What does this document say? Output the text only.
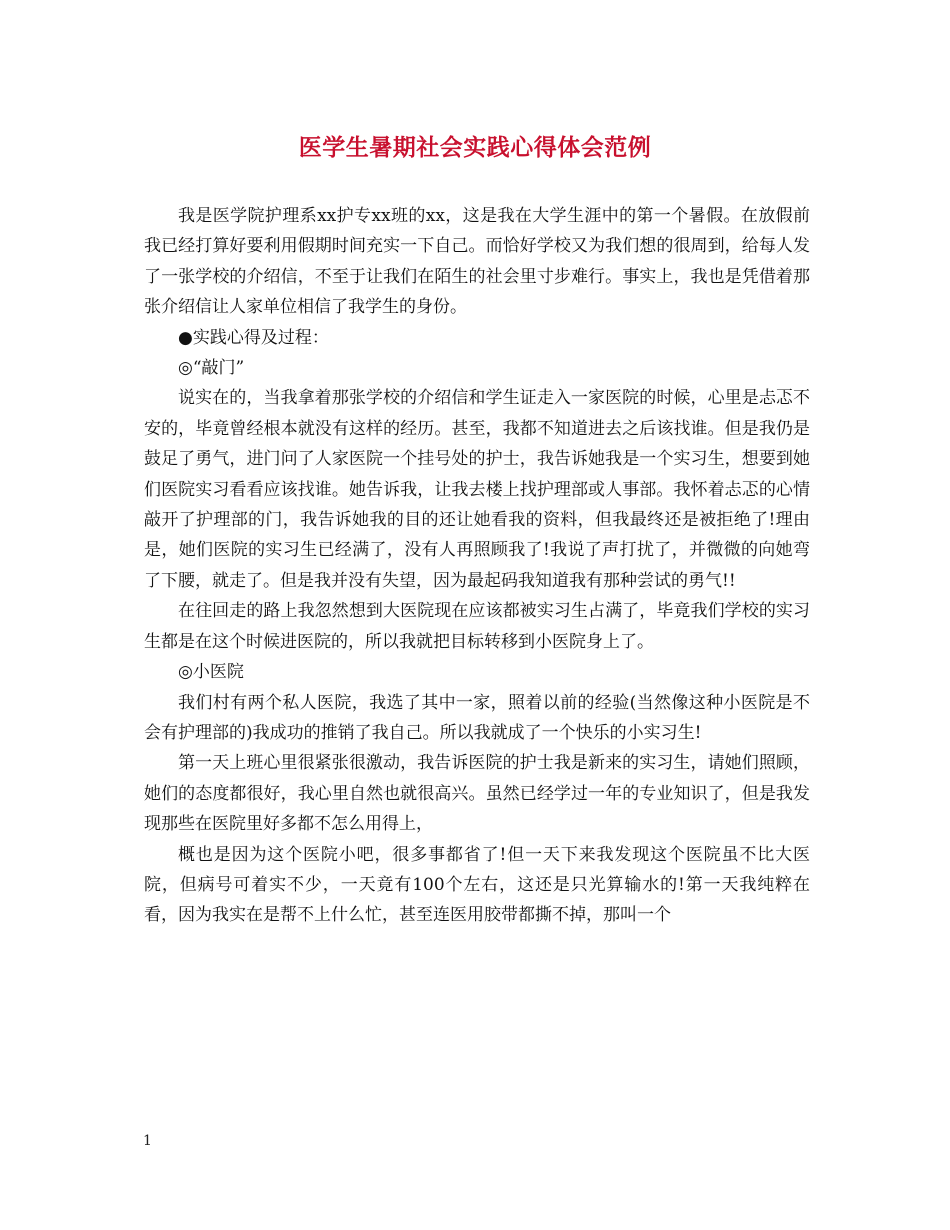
医学生暑期社会实践心得体会范例

我是医学院护理系xx护专xx班的xx，这是我在大学生涯中的第一个暑假。在放假前我已经打算好要利用假期时间充实一下自己。而恰好学校又为我们想的很周到，给每人发了一张学校的介绍信，不至于让我们在陌生的社会里寸步难行。事实上，我也是凭借着那张介绍信让人家单位相信了我学生的身份。

●实践心得及过程：

◎“敲门”

说实在的，当我拿着那张学校的介绍信和学生证走入一家医院的时候，心里是忐忑不安的，毕竟曾经根本就没有这样的经历。甚至，我都不知道进去之后该找谁。但是我仍是鼓足了勇气，进门问了人家医院一个挂号处的护士，我告诉她我是一个实习生，想要到她们医院实习看看应该找谁。她告诉我，让我去楼上找护理部或人事部。我怀着忐忑的心情敲开了护理部的门，我告诉她我的目的还让她看我的资料，但我最终还是被拒绝了!理由是，她们医院的实习生已经满了，没有人再照顾我了!我说了声打扰了，并微微的向她弯了下腰，就走了。但是我并没有失望，因为最起码我知道我有那种尝试的勇气!!

在往回走的路上我忽然想到大医院现在应该都被实习生占满了，毕竟我们学校的实习生都是在这个时候进医院的，所以我就把目标转移到小医院身上了。

◎小医院

我们村有两个私人医院，我选了其中一家，照着以前的经验(当然像这种小医院是不会有护理部的)我成功的推销了我自己。所以我就成了一个快乐的小实习生!

第一天上班心里很紧张很激动，我告诉医院的护士我是新来的实习生，请她们照顾，她们的态度都很好，我心里自然也就很高兴。虽然已经学过一年的专业知识了，但是我发现那些在医院里好多都不怎么用得上，

概也是因为这个医院小吧，很多事都省了!但一天下来我发现这个医院虽不比大医院，但病号可着实不少，一天竟有100个左右，这还是只光算输水的!第一天我纯粹在看，因为我实在是帮不上什么忙，甚至连医用胶带都撕不掉，那叫一个

1
